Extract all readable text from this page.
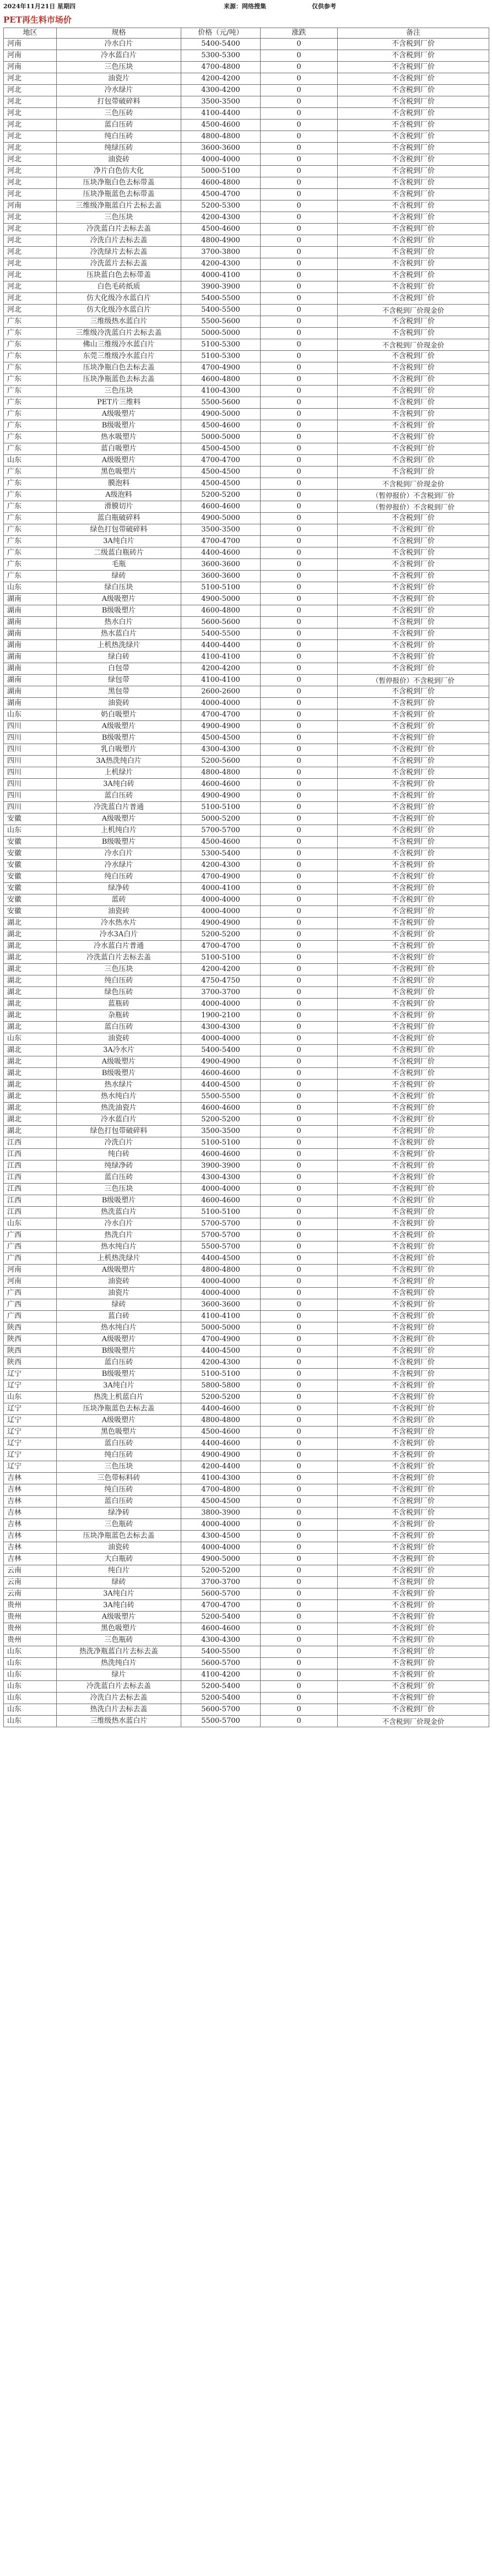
2024年11月21日 星期四	来源：网络搜集	仅供参考
PET再生料市场价
地区	规格	价格（元/吨）	涨跌	备注
河南	冷水白片	5400-5400	0	不含税到厂价
河南	冷水蓝白片	5300-5300	0	不含税到厂价
河南	三色压块	4700-4800	0	不含税到厂价
河北	油瓷片	4200-4200	0	不含税到厂价
河北	冷水绿片	4300-4200	0	不含税到厂价
河北	打包带破碎料	3500-3500	0	不含税到厂价
河北	三色压砖	4100-4400	0	不含税到厂价
河北	蓝白压砖	4500-4600	0	不含税到厂价
河北	纯白压砖	4800-4800	0	不含税到厂价
河北	纯绿压砖	3600-3600	0	不含税到厂价
河北	油瓷砖	4000-4000	0	不含税到厂价
河北	净片白色仿大化	5000-5100	0	不含税到厂价
河北	压块净瓶白色去标带盖	4600-4800	0	不含税到厂价
河北	压块净瓶蓝色去标带盖	4500-4700	0	不含税到厂价
河南	三维级净瓶蓝白片去标去盖	5200-5300	0	不含税到厂价
河北	三色压块	4200-4300	0	不含税到厂价
河北	冷洗蓝白片去标去盖	4500-4600	0	不含税到厂价
河北	冷洗白片去标去盖	4800-4900	0	不含税到厂价
河北	冷洗绿片去标去盖	3700-3800	0	不含税到厂价
河北	冷洗蓝片去标去盖	4200-4300	0	不含税到厂价
河北	压块蓝白色去标带盖	4000-4100	0	不含税到厂价
河北	白色毛砖纸质	3900-3900	0	不含税到厂价
河北	仿大化级冷水蓝白片	5400-5500	0	不含税到厂价
河北	仿大化级冷水蓝白片	5400-5500	0	不含税到厂价现金价
广东	三维级热水蓝白片	5500-5600	0	不含税到厂价
广东	三维级冷洗蓝白片去标去盖	5000-5000	0	不含税到厂价
广东	佛山三维级冷水蓝白片	5100-5300	0	不含税到厂价现金价
广东	东莞三维级冷水蓝白片	5100-5300	0	不含税到厂价
广东	压块净瓶白色去标去盖	4700-4900	0	不含税到厂价
广东	压块净瓶蓝色去标去盖	4600-4800	0	不含税到厂价
广东	三色压块	4100-4300	0	不含税到厂价
广东	PET片三维料	5500-5600	0	不含税到厂价
广东	A级吸塑片	4900-5000	0	不含税到厂价
广东	B级吸塑片	4500-4600	0	不含税到厂价
广东	热水吸塑片	5000-5000	0	不含税到厂价
广东	蓝白吸塑片	4500-4500	0	不含税到厂价
山东	A级吸塑片	4700-4700	0	不含税到厂价
广东	黑色吸塑片	4500-4500	0	不含税到厂价
广东	膜泡料	4500-4500	0	不含税到厂价现金价
广东	A级泡料	5200-5200	0	（暂停报价）不含税到厂价
广东	滑膜切片	4600-4600	0	（暂停报价）不含税到厂价
广东	蓝白瓶破碎料	4900-5000	0	不含税到厂价
广东	绿色打包带破碎料	3500-3500	0	不含税到厂价
广东	3A纯白片	4700-4700	0	不含税到厂价
广东	二级蓝白瓶砖片	4400-4600	0	不含税到厂价
广东	毛瓶	3600-3600	0	不含税到厂价
广东	绿砖	3600-3600	0	不含税到厂价
山东	绿白压块	5100-5100	0	不含税到厂价
湖南	A级吸塑片	4900-5000	0	不含税到厂价
湖南	B级吸塑片	4600-4800	0	不含税到厂价
湖南	热水白片	5600-5600	0	不含税到厂价
湖南	热水蓝白片	5400-5500	0	不含税到厂价
湖南	上机热洗绿片	4400-4400	0	不含税到厂价
湖南	绿白砖	4100-4100	0	不含税到厂价
湖南	白包带	4200-4200	0	不含税到厂价
湖南	绿包带	4100-4100	0	（暂停报价）不含税到厂价
湖南	黑包带	2600-2600	0	不含税到厂价
湖南	油瓷砖	4000-4000	0	不含税到厂价
山东	奶白吸塑片	4700-4700	0	不含税到厂价
四川	A级吸塑片	4900-4900	0	不含税到厂价
四川	B级吸塑片	4500-4500	0	不含税到厂价
四川	乳白吸塑片	4300-4300	0	不含税到厂价
四川	3A热洗纯白片	5200-5600	0	不含税到厂价
四川	上机绿片	4800-4800	0	不含税到厂价
四川	3A纯白砖	4600-4600	0	不含税到厂价
四川	蓝白压砖	4900-4900	0	不含税到厂价
四川	冷洗蓝白片普通	5100-5100	0	不含税到厂价
安徽	A级吸塑片	5000-5200	0	不含税到厂价
山东	上机纯白片	5700-5700	0	不含税到厂价
安徽	B级吸塑片	4500-4600	0	不含税到厂价
安徽	冷水白片	5300-5400	0	不含税到厂价
安徽	冷水绿片	4200-4300	0	不含税到厂价
安徽	纯白压砖	4700-4900	0	不含税到厂价
安徽	绿净砖	4000-4100	0	不含税到厂价
安徽	蓝砖	4000-4000	0	不含税到厂价
安徽	油瓷砖	4000-4000	0	不含税到厂价
湖北	冷水热水片	4900-4900	0	不含税到厂价
湖北	冷水3A白片	5200-5200	0	不含税到厂价
湖北	冷水蓝白片普通	4700-4700	0	不含税到厂价
湖北	冷洗蓝白片去标去盖	5100-5100	0	不含税到厂价
湖北	三色压块	4200-4200	0	不含税到厂价
湖北	纯白压砖	4750-4750	0	不含税到厂价
湖北	绿色压砖	3700-3700	0	不含税到厂价
湖北	蓝瓶砖	4000-4000	0	不含税到厂价
湖北	杂瓶砖	1900-2100	0	不含税到厂价
湖北	蓝白压砖	4300-4300	0	不含税到厂价
山东	油瓷砖	4000-4000	0	不含税到厂价
湖北	3A冷水片	5400-5400	0	不含税到厂价
湖北	A级吸塑片	4900-4900	0	不含税到厂价
湖北	B级吸塑片	4600-4600	0	不含税到厂价
湖北	热水绿片	4400-4500	0	不含税到厂价
湖北	热水纯白片	5500-5500	0	不含税到厂价
湖北	热洗油瓷片	4600-4600	0	不含税到厂价
湖北	冷水蓝白片	5200-5200	0	不含税到厂价
湖北	绿色打包带破碎料	3500-3500	0	不含税到厂价
江西	冷洗白片	5100-5100	0	不含税到厂价
江西	纯白砖	4600-4600	0	不含税到厂价
江西	纯绿净砖	3900-3900	0	不含税到厂价
江西	蓝白压砖	4300-4300	0	不含税到厂价
江西	三色压块	4000-4000	0	不含税到厂价
江西	B级吸塑片	4600-4600	0	不含税到厂价
江西	热洗蓝白片	5100-5100	0	不含税到厂价
山东	冷水白片	5700-5700	0	不含税到厂价
广西	热洗白片	5700-5700	0	不含税到厂价
广西	热水纯白片	5500-5700	0	不含税到厂价
广西	上机热洗绿片	4400-4500	0	不含税到厂价
河南	A级吸塑片	4800-4800	0	不含税到厂价
河南	油瓷砖	4000-4000	0	不含税到厂价
广西	油瓷片	4000-4000	0	不含税到厂价
广西	绿砖	3600-3600	0	不含税到厂价
广西	蓝白砖	4100-4100	0	不含税到厂价
陕西	热水纯白片	5000-5000	0	不含税到厂价
陕西	A级吸塑片	4700-4900	0	不含税到厂价
陕西	B级吸塑片	4400-4500	0	不含税到厂价
陕西	蓝白压砖	4200-4300	0	不含税到厂价
辽宁	B级吸塑片	5100-5100	0	不含税到厂价
辽宁	3A纯白片	5800-5800	0	不含税到厂价
山东	热洗上机蓝白片	5200-5200	0	不含税到厂价
辽宁	压块净瓶蓝色去标去盖	4400-4600	0	不含税到厂价
辽宁	A级吸塑片	4800-4800	0	不含税到厂价
辽宁	黑色吸塑片	4500-4600	0	不含税到厂价
辽宁	蓝白压砖	4400-4600	0	不含税到厂价
辽宁	纯白压砖	4900-4900	0	不含税到厂价
辽宁	三色压块	4200-4400	0	不含税到厂价
吉林	三色带标料砖	4100-4300	0	不含税到厂价
吉林	纯白压砖	4700-4800	0	不含税到厂价
吉林	蓝白压砖	4500-4500	0	不含税到厂价
吉林	绿净砖	3800-3900	0	不含税到厂价
吉林	三色瓶砖	4000-4000	0	不含税到厂价
吉林	压块净瓶蓝色去标去盖	4300-4500	0	不含税到厂价
吉林	油瓷砖	4000-4000	0	不含税到厂价
吉林	大白瓶砖	4900-5000	0	不含税到厂价
云南	纯白片	5200-5200	0	不含税到厂价
云南	绿砖	3700-3700	0	不含税到厂价
云南	3A纯白片	5600-5700	0	不含税到厂价
贵州	3A纯白砖	4700-4700	0	不含税到厂价
贵州	A级吸塑片	5200-5400	0	不含税到厂价
贵州	黑色吸塑片	4600-4600	0	不含税到厂价
贵州	三色瓶砖	4300-4300	0	不含税到厂价
山东	热洗净瓶蓝白片去标去盖	5400-5500	0	不含税到厂价
山东	热洗纯白片	5600-5700	0	不含税到厂价
山东	绿片	4100-4200	0	不含税到厂价
山东	冷洗蓝白片去标去盖	5200-5400	0	不含税到厂价
山东	冷洗白片去标去盖	5200-5400	0	不含税到厂价
山东	热洗白片去标去盖	5600-5700	0	不含税到厂价
山东	三维级热水蓝白片	5500-5700	0	不含税到厂价现金价
